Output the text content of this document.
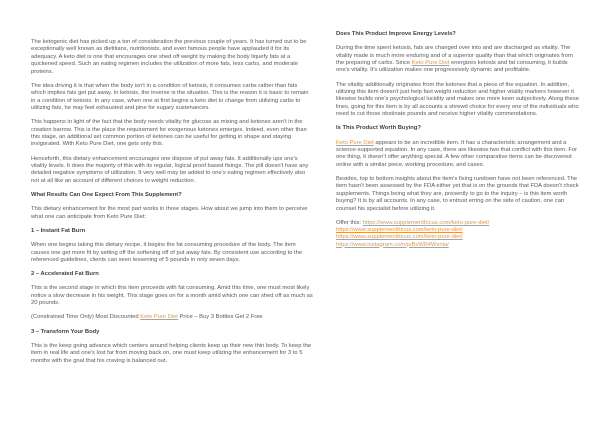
The ketogenic diet has picked up a ton of consideration the previous couple of years. It has turned out to be exceptionally well known as dietitians, nutritionists, and even famous people have applauded it for its adequacy. A keto diet is one that encourages one shed off weight by making the body liquefy fats at a quickened speed. Such an eating regimen includes the utilization of more fats, less carbs, and moderate proteins.

The idea driving it is that when the body isn't in a condition of ketosis, it consumes carbs rather than fats which implies fats get put away. In ketosis, the inverse is the situation. This is the reason it is basic to remain in a condition of ketosis. In any case, when one at first begins a keto diet to change from utilizing carbs to utilizing fats, he may feel exhausted and pine for sugary sustenances.

This happens in light of the fact that the body needs vitality for glucose as mixing and ketones aren't in the creation barrow. This is the place the requirement for exogenous ketones emerges. Indeed, even other than this stage, an additional set common portion of ketones can be useful for getting in shape and staying invigorated. With Keto Pure Diet, one gets only this.

Henceforth, this dietary enhancement encourages one dispose of put away fats. It additionally ups one's vitality levels. It does the majority of this with its regular, logical proof based fixings. The pill doesn't have any detailed negative symptoms of utilization. It very well may be added to one's eating regimen effectively also not at all like an account of different choices to weight reduction.

What Results Can One Expect From This Supplement?

This dietary enhancement for the most part works in three stages. How about we jump into them to perceive what one can anticipate from Keto Pure Diet:

1 – Instant Fat Burn

When one begins taking this dietary recipe, it begins the fat consuming procedure of the body. The item causes one get more fit by setting off the softening off of put away fats. By consistent use according to the referenced guidelines, clients can seen lessening of 5 pounds in only seven days.

2 – Accelerated Fat Burn

This is the second stage in which this item proceeds with fat consuming. Amid this time, one must most likely notice a slow decrease in his weight. This stage goes on for a month amid which one can shed off as much as 20 pounds.

(Constrained Time Only) Most Discounted Keto Pure Diet Price – Buy 3 Bottles Get 2 Free

3 – Transform Your Body

This is the keep going advance which centers around helping clients keep up their new thin body. To keep the item in real life and one's lost far from moving back on, one must keep utilizing the enhancement for 3 to 5 months with the goal that his craving is balanced out.

Does This Product Improve Energy Levels?

During the time spent ketosis, fats are changed over into and are discharged as vitality. The vitality made is much more enduring and of a superior quality than that which originates from the preparing of carbs. Since Keto Pure Diet energizes ketosis and fat consuming, it builds one's vitality. It's utilization makes one progressively dynamic and profitable.

The vitality additionally originates from the ketones that a piece of the equation. In addition, utilizing this item doesn't just help fast weight reduction and higher vitality markers however it likewise builds one's psychological lucidity and makes one more keen subjectively. Along these lines, going for this item is by all accounts a shrewd choice for every one of the individuals who need to cut those obstinate pounds and receive higher vitality commendations.

Is This Product Worth Buying?

Keto Pure Diet appears to be an incredible item. It has a characteristic arrangement and a science-supported equation. In any case, there are likewise two that conflict with this item. For one thing, it doesn't offer anything special. A few other comparative items can be discovered online with a similar piece, working procedure, and cases.

Besides, top to bottom insights about the item's fixing rundown have not been referenced. The item hasn't been assessed by the FDA either yet that is on the grounds that FDA doesn't check supplements. Things being what they are, presently to go to the inquiry – is this item worth buying? It is by all accounts. In any case, to entrust erring on the side of caution, one can counsel his specialist before utilizing it.

Offer this: https://www.supplementfocus.com/keto-pure-diet/
https://www.supplementfocus.com/keto-pure-diet/
https://www.supplementfocus.com/keto-pure-diet/
https://www.instagram.com/p/BvWB4Wxnla/
